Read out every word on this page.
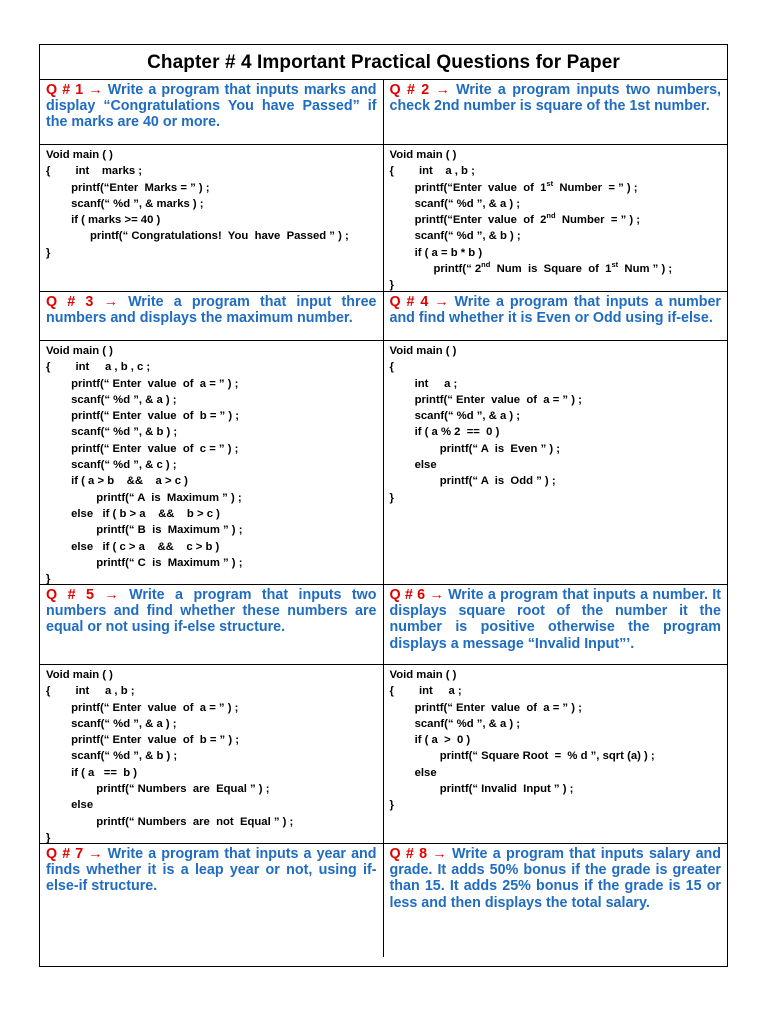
Chapter # 4 Important Practical Questions for Paper
Q # 1 → Write a program that inputs marks and display “Congratulations You have Passed” if the marks are 40 or more.
Q # 2 → Write a program inputs two numbers, check 2nd number is square of the 1st number.
Void main ( )
{        int    marks ;
printf(“Enter  Marks = ” ) ;
scanf(“ %d ”, & marks ) ;
if ( marks >= 40 )
printf(“ Congratulations!  You  have  Passed ” ) ;
}
Void main ( )
{        int    a , b ;
printf(“Enter  value  of  1st  Number  = ” ) ;
scanf(“ %d ”, & a ) ;
printf(“Enter  value  of  2nd  Number  = ” ) ;
scanf(“ %d ”, & b ) ;
if ( a = b * b )
printf(“ 2nd  Num  is  Square  of  1st  Num ” ) ;
}
Q # 3 → Write a program that input three numbers and displays the maximum number.
Q # 4 → Write a program that inputs a number and find whether it is Even or Odd using if-else.
Void main ( )
{        int     a , b , c ;
printf(“ Enter  value  of  a = ” ) ;
scanf(“ %d ”, & a ) ;
printf(“ Enter  value  of  b = ” ) ;
scanf(“ %d ”, & b ) ;
printf(“ Enter  value  of  c = ” ) ;
scanf(“ %d ”, & c ) ;
if ( a > b    &&    a > c )
printf(“ A  is  Maximum ” ) ;
else   if ( b > a    &&    b > c )
printf(“ B  is  Maximum ” ) ;
else   if ( c > a    &&    c > b )
printf(“ C  is  Maximum ” ) ;
}
Void main ( )
{
int     a ;
printf(“ Enter  value  of  a = ” ) ;
scanf(“ %d ”, & a ) ;
if ( a % 2  ==  0 )
printf(“ A  is  Even ” ) ;
else
printf(“ A  is  Odd ” ) ;
}
Q # 5 → Write a program that inputs two numbers and find whether these numbers are equal or not using if-else structure.
Q # 6 → Write a program that inputs a number. It displays square root of the number it the number is positive otherwise the program displays a message “Invalid Input”’.
Void main ( )
{        int     a , b ;
printf(“ Enter  value  of  a = ” ) ;
scanf(“ %d ”, & a ) ;
printf(“ Enter  value  of  b = ” ) ;
scanf(“ %d ”, & b ) ;
if ( a   ==  b )
printf(“ Numbers  are  Equal ” ) ;
else
printf(“ Numbers  are  not  Equal ” ) ;
}
Void main ( )
{        int     a ;
printf(“ Enter  value  of  a = ” ) ;
scanf(“ %d ”, & a ) ;
if ( a  >  0 )
printf(“ Square Root  =  % d ”, sqrt (a) ) ;
else
printf(“ Invalid  Input ” ) ;
}
Q # 7 → Write a program that inputs a year and finds whether it is a leap year or not, using if-else-if structure.
Q # 8 → Write a program that inputs salary and grade. It adds 50% bonus if the grade is greater than 15. It adds 25% bonus if the grade is 15 or less and then displays the total salary.
